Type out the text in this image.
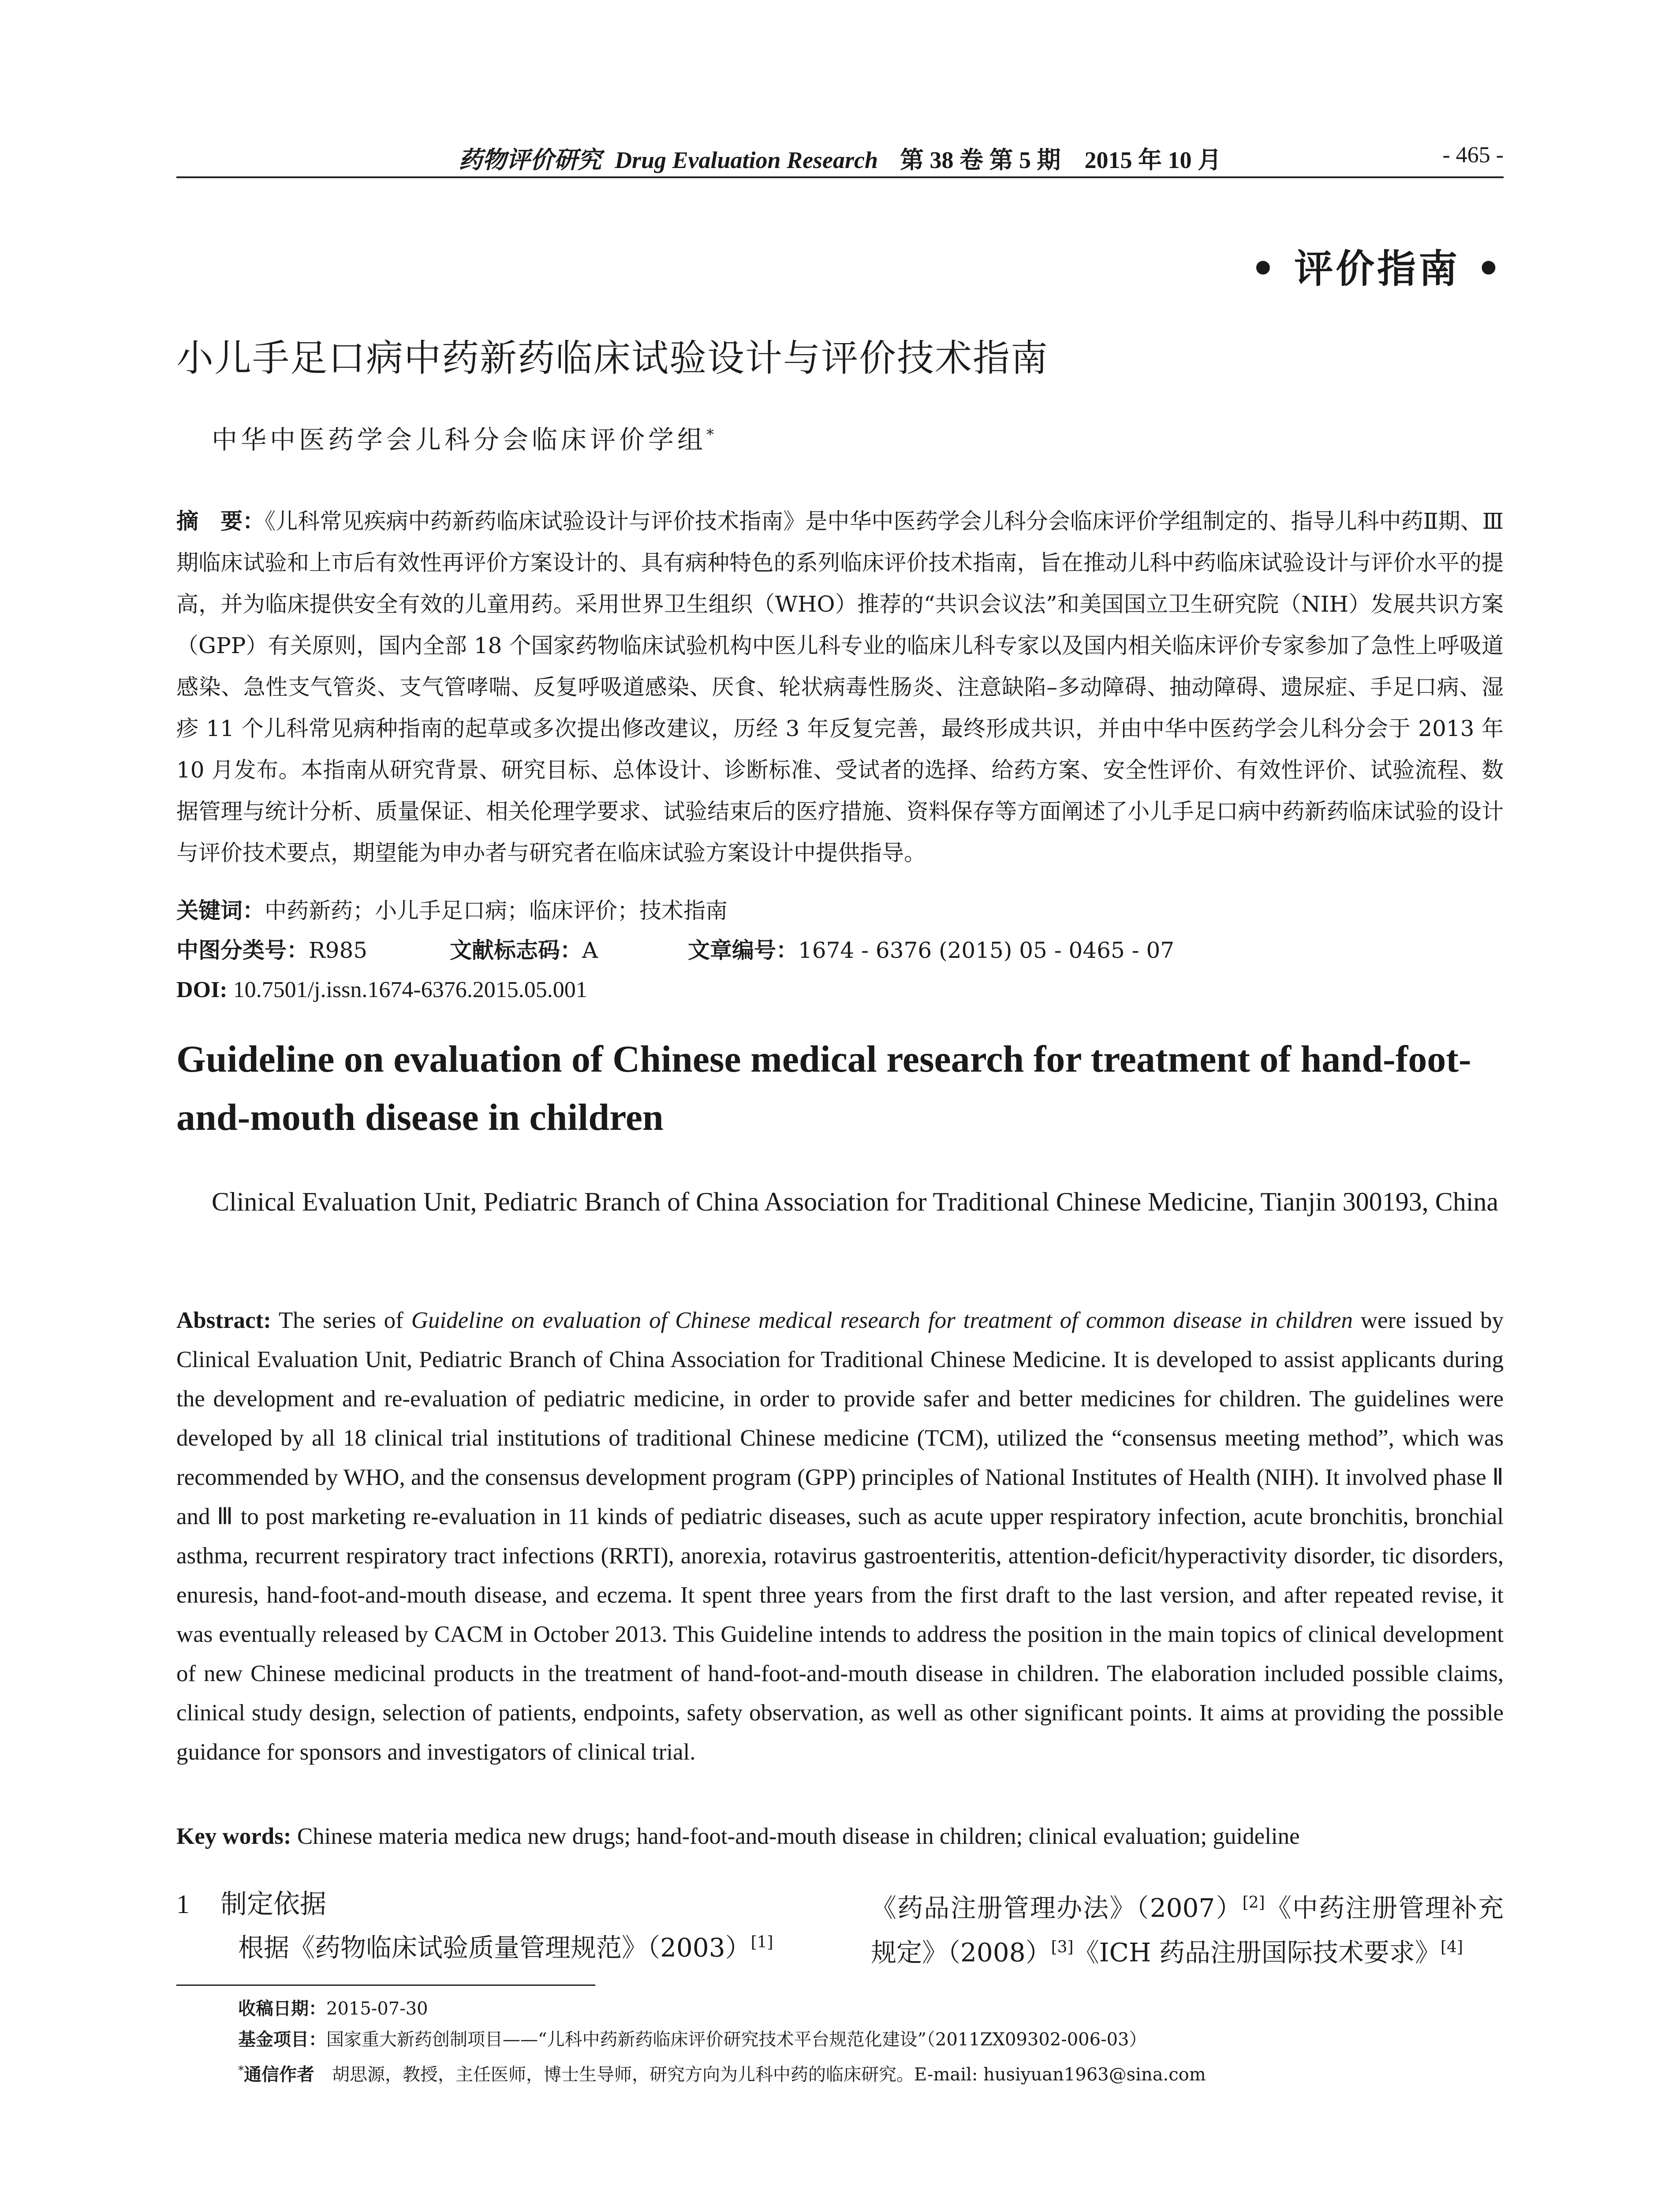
药物评价研究 Drug Evaluation Research 第 38 卷 第 5 期　2015 年 10 月	- 465 -
• 评价指南 •
小儿手足口病中药新药临床试验设计与评价技术指南
中华中医药学会儿科分会临床评价学组*
摘　要：《儿科常见疾病中药新药临床试验设计与评价技术指南》是中华中医药学会儿科分会临床评价学组制定的、指导儿科中药Ⅱ期、Ⅲ期临床试验和上市后有效性再评价方案设计的、具有病种特色的系列临床评价技术指南，旨在推动儿科中药临床试验设计与评价水平的提高，并为临床提供安全有效的儿童用药。采用世界卫生组织（WHO）推荐的“共识会议法”和美国国立卫生研究院（NIH）发展共识方案（GPP）有关原则，国内全部 18 个国家药物临床试验机构中医儿科专业的临床儿科专家以及国内相关临床评价专家参加了急性上呼吸道感染、急性支气管炎、支气管哮喘、反复呼吸道感染、厌食、轮状病毒性肠炎、注意缺陷–多动障碍、抽动障碍、遗尿症、手足口病、湿疹 11 个儿科常见病种指南的起草或多次提出修改建议，历经 3 年反复完善，最终形成共识，并由中华中医药学会儿科分会于 2013 年 10 月发布。本指南从研究背景、研究目标、总体设计、诊断标准、受试者的选择、给药方案、安全性评价、有效性评价、试验流程、数据管理与统计分析、质量保证、相关伦理学要求、试验结束后的医疗措施、资料保存等方面阐述了小儿手足口病中药新药临床试验的设计与评价技术要点，期望能为申办者与研究者在临床试验方案设计中提供指导。
关键词：中药新药；小儿手足口病；临床评价；技术指南
中图分类号：R985	文献标志码：A	文章编号：1674 - 6376 (2015) 05 - 0465 - 07
DOI: 10.7501/j.issn.1674-6376.2015.05.001
Guideline on evaluation of Chinese medical research for treatment of hand-foot-and-mouth disease in children
Clinical Evaluation Unit, Pediatric Branch of China Association for Traditional Chinese Medicine, Tianjin 300193, China
Abstract: The series of Guideline on evaluation of Chinese medical research for treatment of common disease in children were issued by Clinical Evaluation Unit, Pediatric Branch of China Association for Traditional Chinese Medicine. It is developed to assist applicants during the development and re-evaluation of pediatric medicine, in order to provide safer and better medicines for children. The guidelines were developed by all 18 clinical trial institutions of traditional Chinese medicine (TCM), utilized the “consensus meeting method”, which was recommended by WHO, and the consensus development program (GPP) principles of National Institutes of Health (NIH). It involved phase Ⅱ and Ⅲ to post marketing re-evaluation in 11 kinds of pediatric diseases, such as acute upper respiratory infection, acute bronchitis, bronchial asthma, recurrent respiratory tract infections (RRTI), anorexia, rotavirus gastroenteritis, attention-deficit/hyperactivity disorder, tic disorders, enuresis, hand-foot-and-mouth disease, and eczema. It spent three years from the first draft to the last version, and after repeated revise, it was eventually released by CACM in October 2013. This Guideline intends to address the position in the main topics of clinical development of new Chinese medicinal products in the treatment of hand-foot-and-mouth disease in children. The elaboration included possible claims, clinical study design, selection of patients, endpoints, safety observation, as well as other significant points. It aims at providing the possible guidance for sponsors and investigators of clinical trial.
Key words: Chinese materia medica new drugs; hand-foot-and-mouth disease in children; clinical evaluation; guideline
1 制定依据
根据《药物临床试验质量管理规范》（2003）[1]
《药品注册管理办法》（2007）[2]《中药注册管理补充规定》（2008）[3]《ICH 药品注册国际技术要求》[4]
收稿日期：2015-07-30
基金项目：国家重大新药创制项目——“儿科中药新药临床评价研究技术平台规范化建设”（2011ZX09302-006-03）
*通信作者　 胡思源，教授，主任医师，博士生导师，研究方向为儿科中药的临床研究。E-mail: husiyuan1963@sina.com
